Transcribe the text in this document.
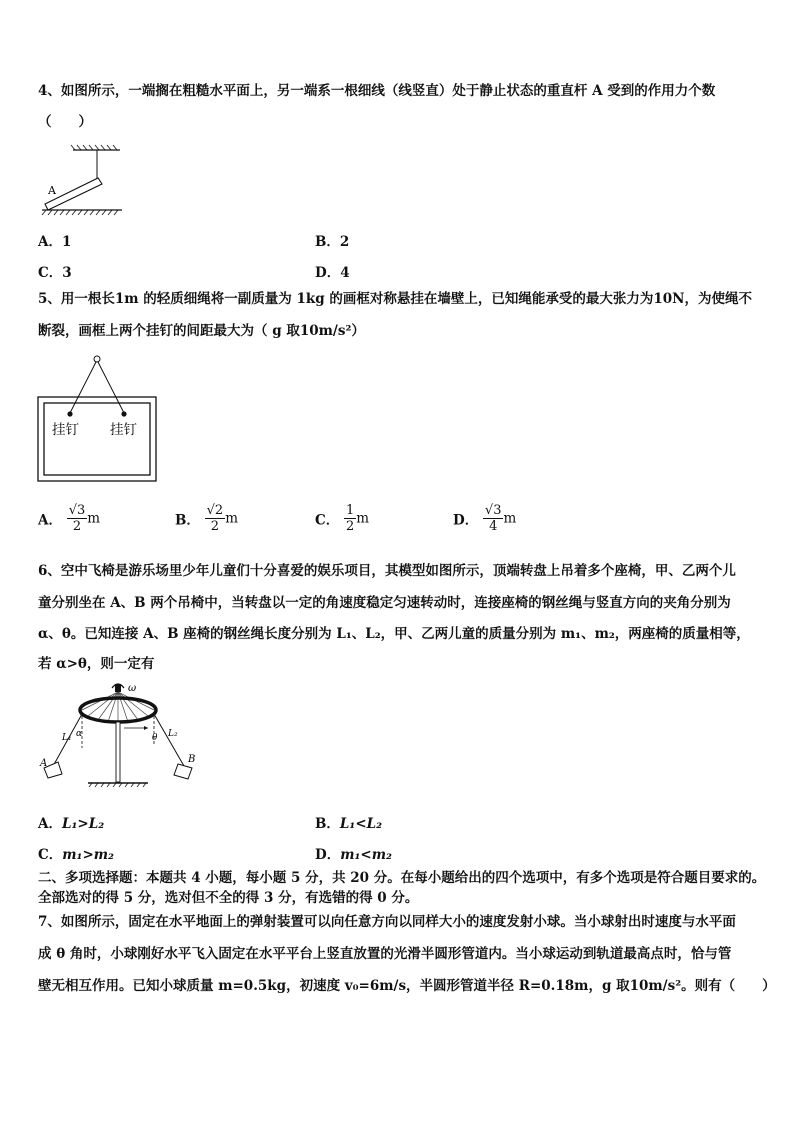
4、如图所示，一端搁在粗糙水平面上，另一端系一根细线（线竖直）处于静止状态的重直杆 A 受到的作用力个数
（　　）
A
A．1	B．2
C．3	D．4
5、用一根长1m 的轻质细绳将一副质量为 1kg 的画框对称悬挂在墙壁上，已知绳能承受的最大张力为10N，为使绳不
断裂，画框上两个挂钉的间距最大为（ g 取10m/s²）
挂钉 挂钉
A． $\frac{√3}{2}$ m	B． $\frac{√2}{2}$ m	C． $\frac{1}{2}$ m	D． $\frac{√3}{4}$ m
6、空中飞椅是游乐场里少年儿童们十分喜爱的娱乐项目，其模型如图所示，顶端转盘上吊着多个座椅，甲、乙两个儿
童分别坐在 A、B 两个吊椅中，当转盘以一定的角速度稳定匀速转动时，连接座椅的钢丝绳与竖直方向的夹角分别为
α、θ。已知连接 A、B 座椅的钢丝绳长度分别为 L₁、L₂，甲、乙两儿童的质量分别为 m₁、m₂，两座椅的质量相等，
若 α>θ，则一定有
ω
L₁ α
A
L₂
θ
B
A．L₁>L₂	B．L₁<L₂
C．m₁>m₂	D．m₁<m₂
二、多项选择题：本题共 4 小题，每小题 5 分，共 20 分。在每小题给出的四个选项中，有多个选项是符合题目要求的。
全部选对的得 5 分，选对但不全的得 3 分，有选错的得 0 分。
7、如图所示，固定在水平地面上的弹射装置可以向任意方向以同样大小的速度发射小球。当小球射出时速度与水平面
成 θ 角时，小球刚好水平飞入固定在水平平台上竖直放置的光滑半圆形管道内。当小球运动到轨道最高点时，恰与管
壁无相互作用。已知小球质量 m=0.5kg，初速度 v₀=6m/s，半圆形管道半径 R=0.18m，g 取10m/s²。则有（　　）
